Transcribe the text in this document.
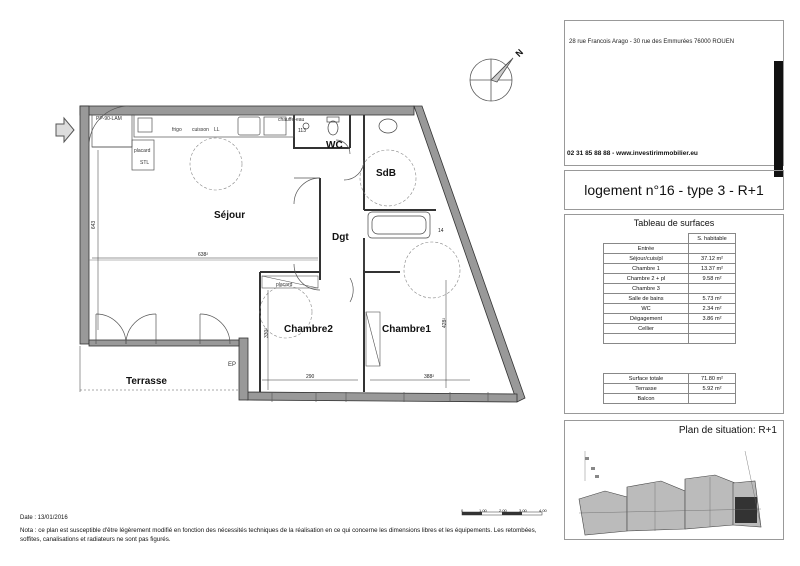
N
Séjour
Dgt
WC
SdB
Chambre2	Chambre1
Terrasse
frigo cuisson LL
placard
STL
chauffe-eau
PP-90-LAM
EP
placard
643
638²
330²
290
428²
388²
14
113
28 rue Francois Arago - 30 rue des Emmurées 76000 ROUEN
02 31 85 88 88 - www.investirimmobilier.eu
logement n°16 - type 3 - R+1
Tableau de surfaces
	S. habitable
Entrée	
Séjour/cuis/pl	37.12 m²
Chambre 1	13.37 m²
Chambre 2 + pl	9.58 m²
Chambre 3	
Salle de bains	5.73 m²
WC	2.34 m²
Dégagement	3.86 m²
Cellier	

Surface totale	71.80 m²
Terrasse	5.92 m²
Balcon	
Plan de situation: R+1
0	1.00	2.00	3.00	4.00
Date : 13/01/2016
Nota : ce plan est susceptible d'être légèrement modifié en fonction des nécessités techniques de la réalisation en ce qui concerne les dimensions libres et les équipements. Les retombées, soffites, canalisations et radiateurs ne sont pas figurés.
